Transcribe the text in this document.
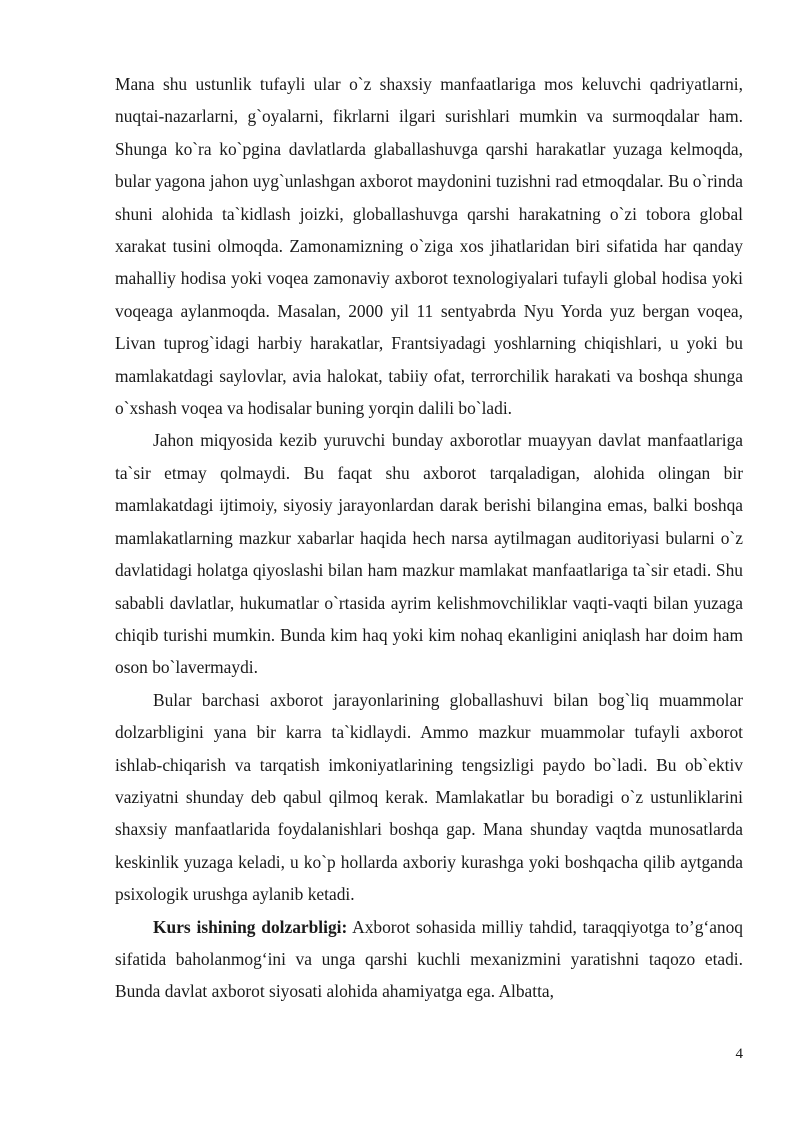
Mana shu ustunlik tufayli ular o`z shaxsiy manfaatlariga mos keluvchi qadriyatlarni, nuqtai-nazarlarni, g`oyalarni, fikrlarni ilgari surishlari mumkin va surmoqdalar ham. Shunga ko`ra ko`pgina davlatlarda glaballashuvga qarshi harakatlar yuzaga kelmoqda, bular yagona jahon uyg`unlashgan axborot maydonini tuzishni rad etmoqdalar. Bu o`rinda shuni alohida ta`kidlash joizki, globallashuvga qarshi harakatning o`zi tobora global xarakat tusini olmoqda. Zamonamizning o`ziga xos jihatlaridan biri sifatida har qanday mahalliy hodisa yoki voqea zamonaviy axborot texnologiyalari tufayli global hodisa yoki voqeaga aylanmoqda. Masalan, 2000 yil 11 sentyabrda Nyu Yorda yuz bergan voqea, Livan tuprog`idagi harbiy harakatlar, Frantsiyadagi yoshlarning chiqishlari, u yoki bu mamlakatdagi saylovlar, avia halokat, tabiiy ofat, terrorchilik harakati va boshqa shunga o`xshash voqea va hodisalar buning yorqin dalili bo`ladi.

Jahon miqyosida kezib yuruvchi bunday axborotlar muayyan davlat manfaatlariga ta`sir etmay qolmaydi. Bu faqat shu axborot tarqaladigan, alohida olingan bir mamlakatdagi ijtimoiy, siyosiy jarayonlardan darak berishi bilangina emas, balki boshqa mamlakatlarning mazkur xabarlar haqida hech narsa aytilmagan auditoriyasi bularni o`z davlatidagi holatga qiyoslashi bilan ham mazkur mamlakat manfaatlariga ta`sir etadi. Shu sababli davlatlar, hukumatlar o`rtasida ayrim kelishmovchiliklar vaqti-vaqti bilan yuzaga chiqib turishi mumkin. Bunda kim haq yoki kim nohaq ekanligini aniqlash har doim ham oson bo`lavermaydi.

Bular barchasi axborot jarayonlarining globallashuvi bilan bog`liq muammolar dolzarbligini yana bir karra ta`kidlaydi. Ammo mazkur muammolar tufayli axborot ishlab-chiqarish va tarqatish imkoniyatlarining tengsizligi paydo bo`ladi. Bu ob`ektiv vaziyatni shunday deb qabul qilmoq kerak. Mamlakatlar bu boradigi o`z ustunliklarini shaxsiy manfaatlarida foydalanishlari boshqa gap. Mana shunday vaqtda munosatlarda keskinlik yuzaga keladi, u ko`p hollarda axboriy kurashga yoki boshqacha qilib aytganda psixologik urushga aylanib ketadi.

Kurs ishining dolzarbligi: Axborot sohasida milliy tahdid, taraqqiyotga to’g‘anoq sifatida baholanmog‘ini va unga qarshi kuchli mexanizmini yaratishni taqozo etadi. Bunda davlat axborot siyosati alohida ahamiyatga ega. Albatta,

4
